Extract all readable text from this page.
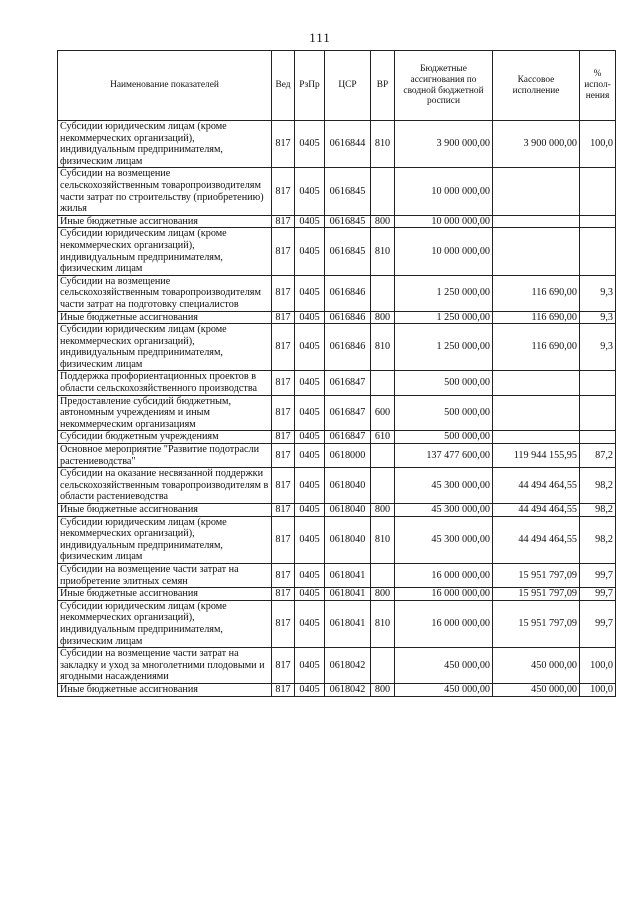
111
Наименование показателей	Вед	РзПр	ЦСР	ВР	Бюджетные ассигнования по сводной бюджетной росписи	Кассовое исполнение	% испол-нения
Субсидии юридическим лицам (кроме некоммерческих организаций), индивидуальным предпринимателям, физическим лицам	817	0405	0616844	810	3 900 000,00	3 900 000,00	100,0
Субсидии на возмещение сельскохозяйственным товаропроизводителям части затрат по строительству (приобретению) жилья	817	0405	0616845		10 000 000,00		
Иные бюджетные ассигнования	817	0405	0616845	800	10 000 000,00		
Субсидии юридическим лицам (кроме некоммерческих организаций), индивидуальным предпринимателям, физическим лицам	817	0405	0616845	810	10 000 000,00		
Субсидии на возмещение сельскохозяйственным товаропроизводителям части затрат на подготовку специалистов	817	0405	0616846		1 250 000,00	116 690,00	9,3
Иные бюджетные ассигнования	817	0405	0616846	800	1 250 000,00	116 690,00	9,3
Субсидии юридическим лицам (кроме некоммерческих организаций), индивидуальным предпринимателям, физическим лицам	817	0405	0616846	810	1 250 000,00	116 690,00	9,3
Поддержка профориентационных проектов в области сельскохозяйственного производства	817	0405	0616847		500 000,00		
Предоставление субсидий бюджетным, автономным учреждениям и иным некоммерческим организациям	817	0405	0616847	600	500 000,00		
Субсидии бюджетным учреждениям	817	0405	0616847	610	500 000,00		
Основное мероприятие "Развитие подотрасли растениеводства"	817	0405	0618000		137 477 600,00	119 944 155,95	87,2
Субсидии на оказание несвязанной поддержки сельскохозяйственным товаропроизводителям в области растениеводства	817	0405	0618040		45 300 000,00	44 494 464,55	98,2
Иные бюджетные ассигнования	817	0405	0618040	800	45 300 000,00	44 494 464,55	98,2
Субсидии юридическим лицам (кроме некоммерческих организаций), индивидуальным предпринимателям, физическим лицам	817	0405	0618040	810	45 300 000,00	44 494 464,55	98,2
Субсидии на возмещение части затрат на приобретение элитных семян	817	0405	0618041		16 000 000,00	15 951 797,09	99,7
Иные бюджетные ассигнования	817	0405	0618041	800	16 000 000,00	15 951 797,09	99,7
Субсидии юридическим лицам (кроме некоммерческих организаций), индивидуальным предпринимателям, физическим лицам	817	0405	0618041	810	16 000 000,00	15 951 797,09	99,7
Субсидии на возмещение части затрат на закладку и уход за многолетними плодовыми и ягодными насаждениями	817	0405	0618042		450 000,00	450 000,00	100,0
Иные бюджетные ассигнования	817	0405	0618042	800	450 000,00	450 000,00	100,0
